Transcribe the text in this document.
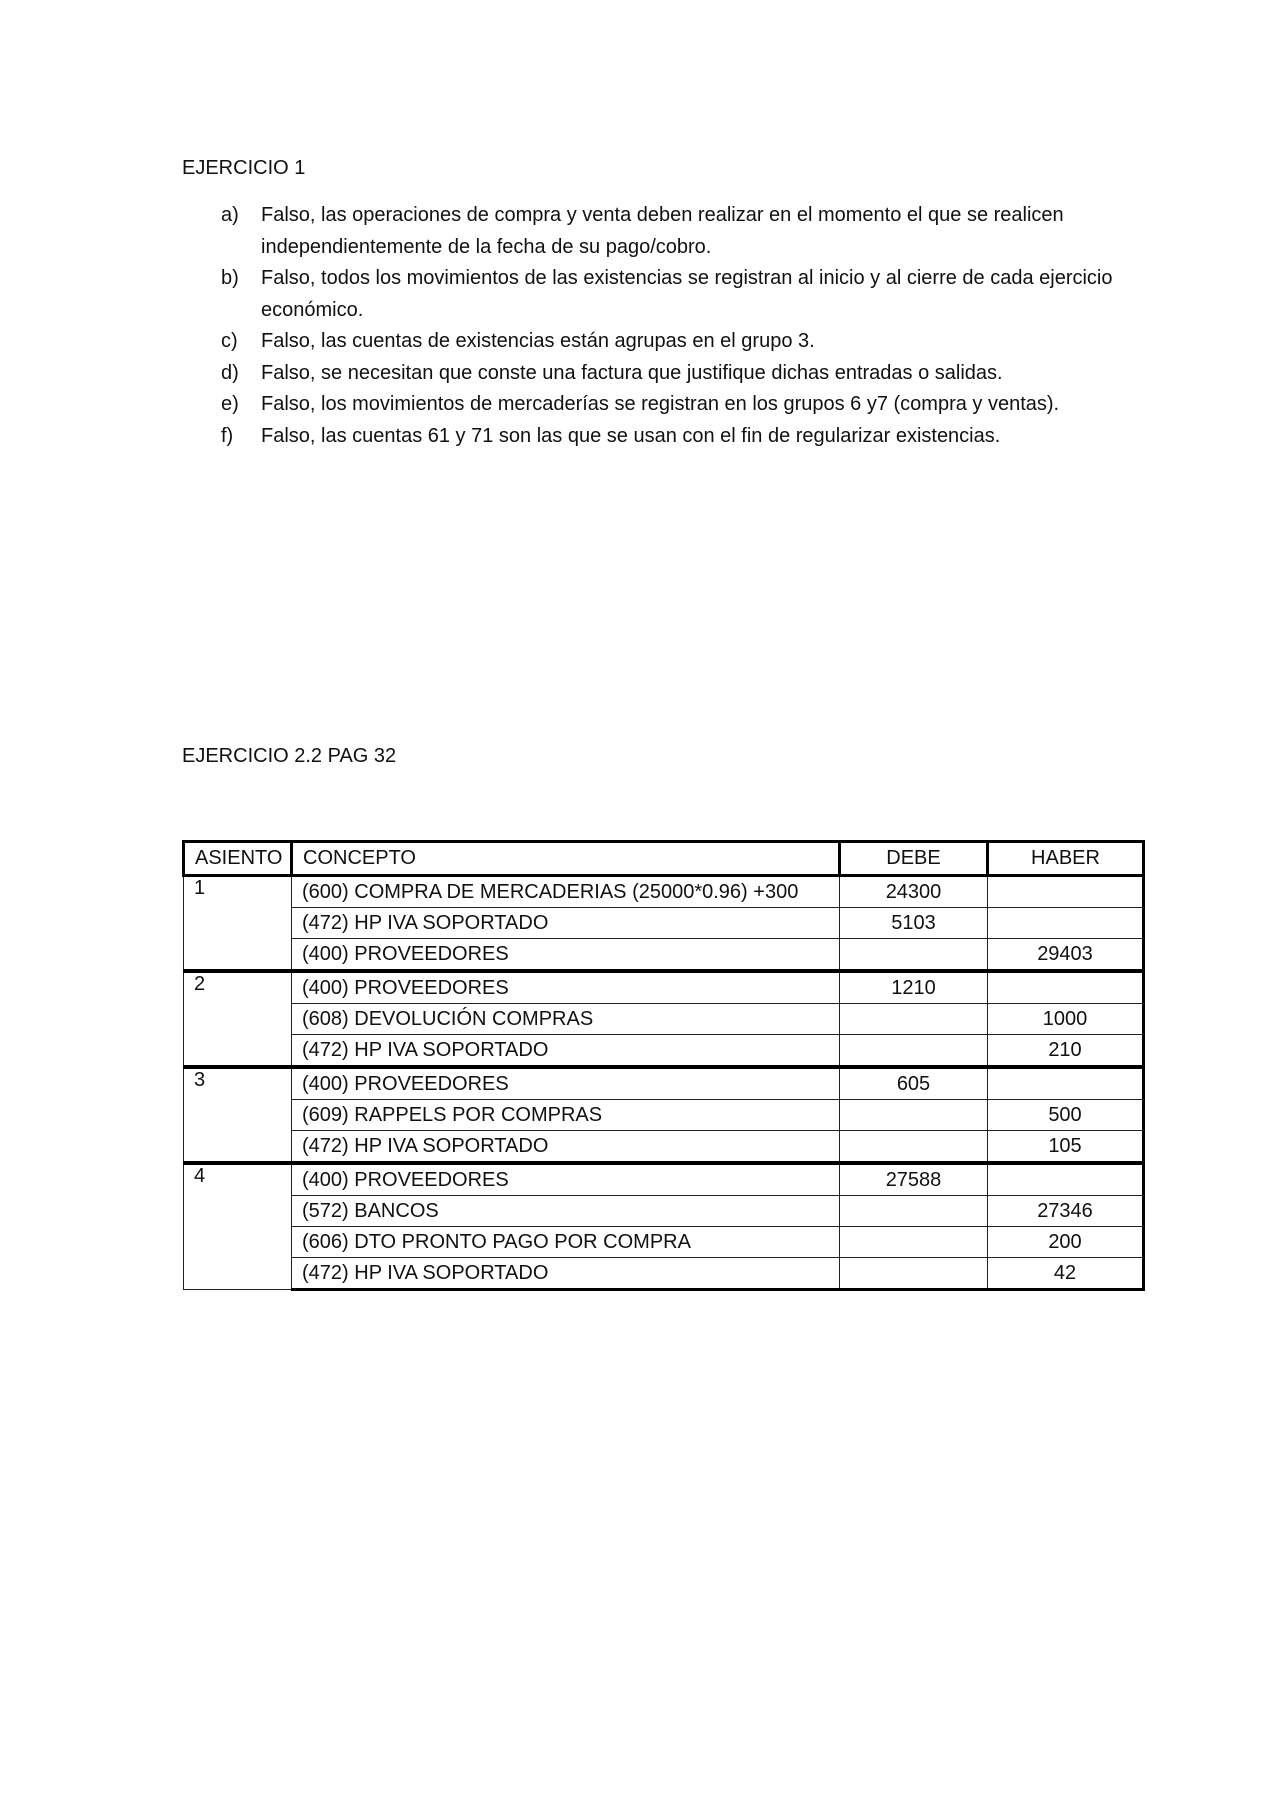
EJERCICIO 1
a) Falso, las operaciones de compra y venta deben realizar en el momento el que se realicen independientemente de la fecha de su pago/cobro.
b) Falso, todos los movimientos de las existencias se registran al inicio y al cierre de cada ejercicio económico.
c) Falso, las cuentas de existencias están agrupas en el grupo 3.
d) Falso, se necesitan que conste una factura que justifique dichas entradas o salidas.
e) Falso, los movimientos de mercaderías se registran en los grupos 6 y7 (compra y ventas).
f) Falso, las cuentas 61 y 71 son las que se usan con el fin de regularizar existencias.
EJERCICIO 2.2 PAG 32
ASIENTO	CONCEPTO	DEBE	HABER
1	(600) COMPRA DE MERCADERIAS (25000*0.96) +300	24300	
	(472) HP IVA SOPORTADO	5103	
	(400) PROVEEDORES		29403
2	(400) PROVEEDORES	1210	
	(608) DEVOLUCIÓN COMPRAS		1000
	(472) HP IVA SOPORTADO		210
3	(400) PROVEEDORES	605	
	(609) RAPPELS POR COMPRAS		500
	(472) HP IVA SOPORTADO		105
4	(400) PROVEEDORES	27588	
	(572) BANCOS		27346
	(606) DTO PRONTO PAGO POR COMPRA		200
	(472) HP IVA SOPORTADO		42
